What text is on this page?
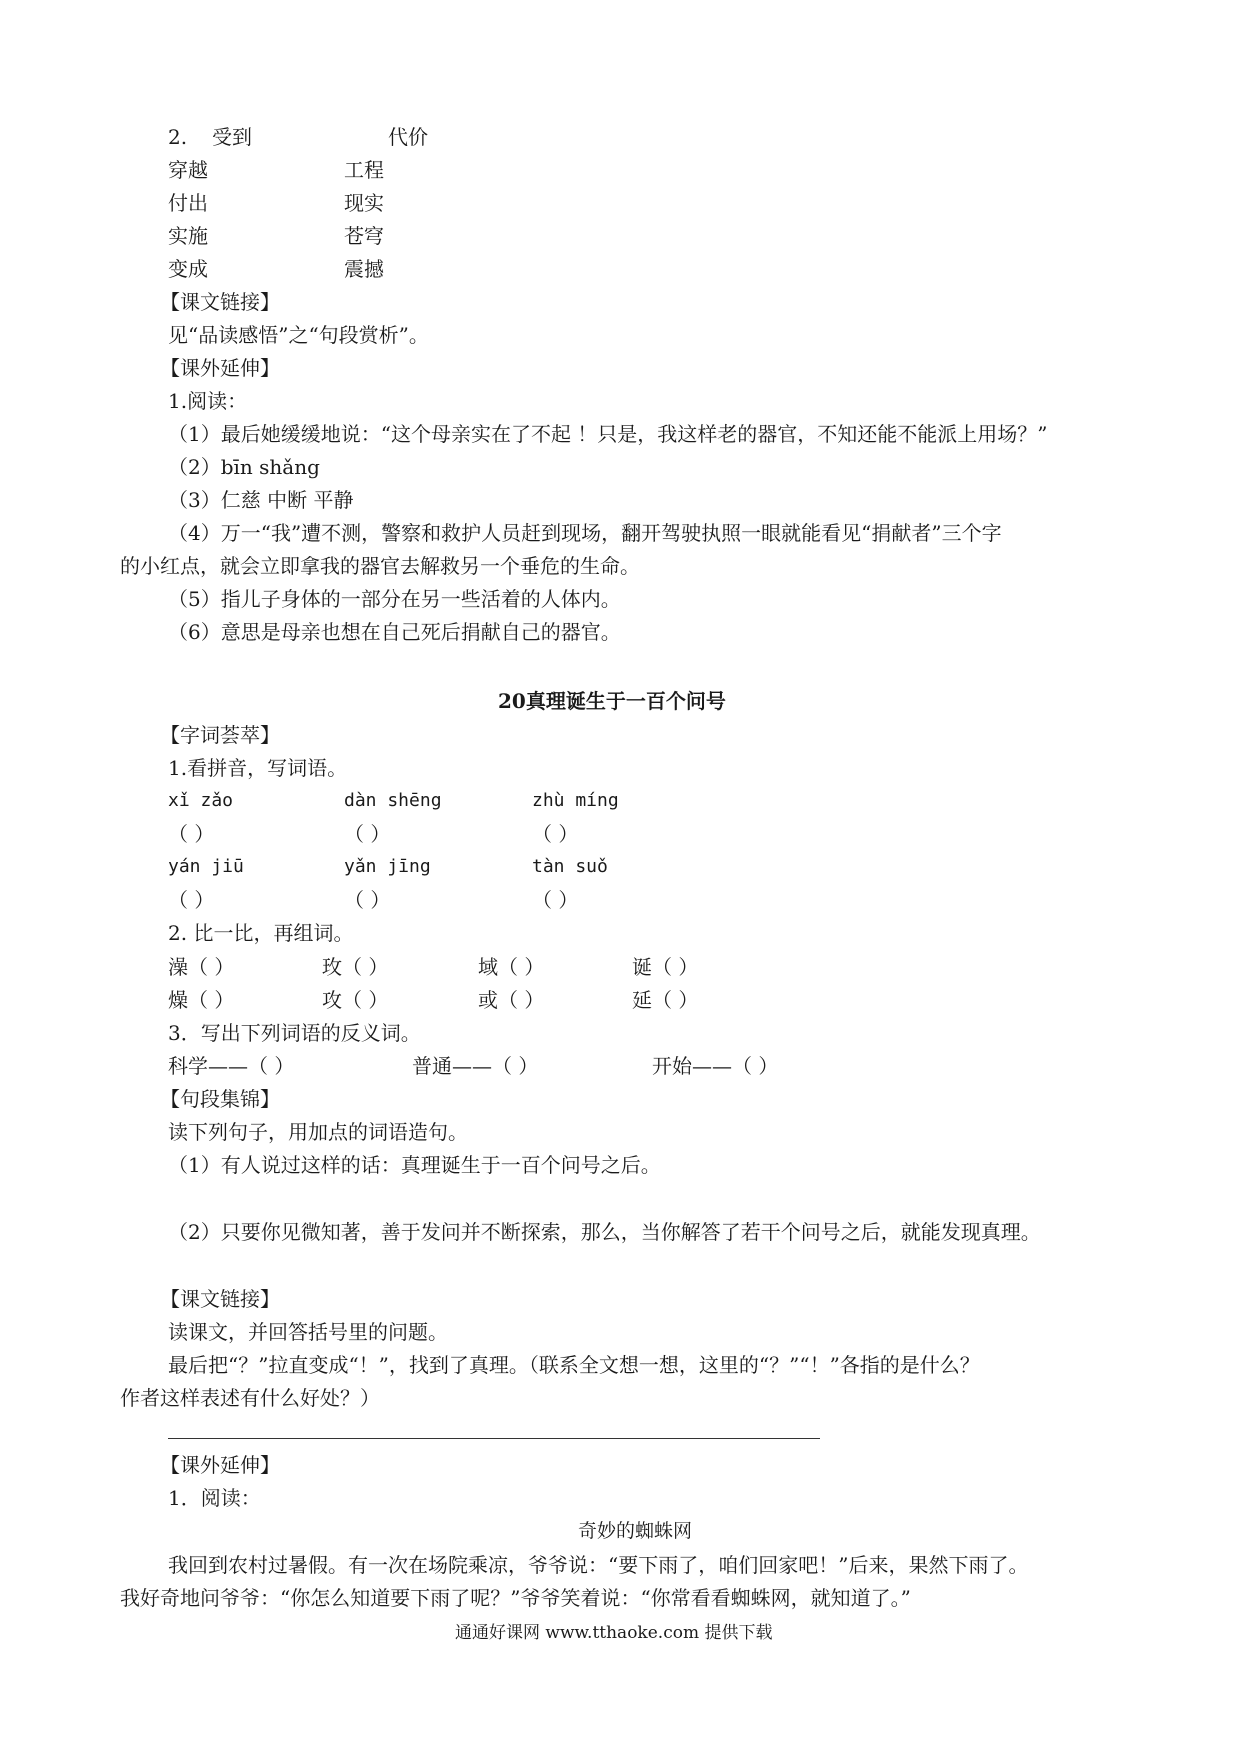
2. 受到	代价
穿越	工程
付出	现实
实施	苍穹
变成	震撼
【课文链接】
见“品读感悟”之“句段赏析”。
【课外延伸】
1.阅读：
（1）最后她缓缓地说：“这个母亲实在了不起 ！只是，我这样老的器官，不知还能不能派上用场？”
（2）bīn shǎng
（3）仁慈 中断 平静
（4）万一“我”遭不测，警察和救护人员赶到现场，翻开驾驶执照一眼就能看见“捐献者”三个字
的小红点，就会立即拿我的器官去解救另一个垂危的生命。
（5）指儿子身体的一部分在另一些活着的人体内。
（6）意思是母亲也想在自己死后捐献自己的器官。
20真理诞生于一百个问号
【字词荟萃】
1.看拼音，写词语。
xǐ zǎo	dàn shēng	zhù míng
（ ）	（ ）	（ ）
yán jiū	yǎn jīng	tàn suǒ
（ ）	（ ）	（ ）
2. 比一比，再组词。
澡（ ）	玫（ ）	域（ ）	诞（ ）
燥（ ）	攻（ ）	或（ ）	延（ ）
3．写出下列词语的反义词。
科学——（ ）	普通——（ ）	开始——（ ）
【句段集锦】
读下列句子，用加点的词语造句。
（1）有人说过这样的话：真理诞生于一百个问号之后。
（2）只要你见微知著，善于发问并不断探索，那么，当你解答了若干个问号之后，就能发现真理。
【课文链接】
读课文，并回答括号里的问题。
最后把“？”拉直变成“！”，找到了真理。（联系全文想一想，这里的“？”“！”各指的是什么？
作者这样表述有什么好处？）
【课外延伸】
1．阅读：
奇妙的蜘蛛网
我回到农村过暑假。有一次在场院乘凉，爷爷说：“要下雨了，咱们回家吧！”后来，果然下雨了。
我好奇地问爷爷：“你怎么知道要下雨了呢？”爷爷笑着说：“你常看看蜘蛛网，就知道了。”
通通好课网 www.tthaoke.com 提供下载
